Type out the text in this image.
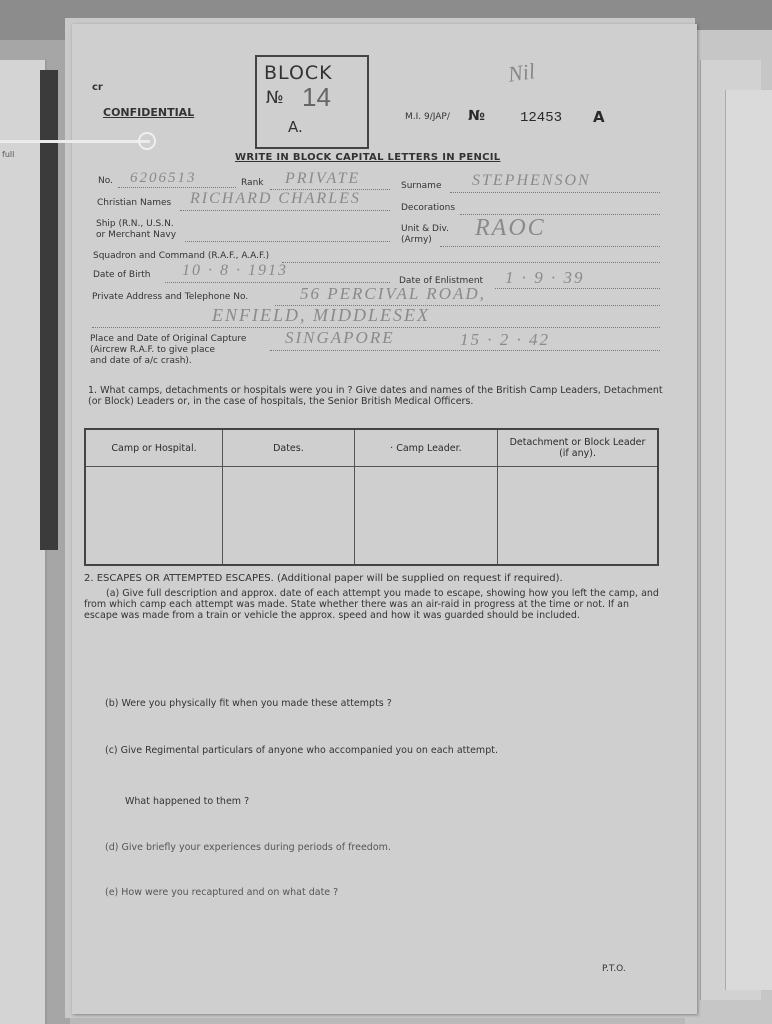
full
cr
CONFIDENTIAL
BLOCK
№ 14
A.
Nil
M.I. 9/JAP/ №	12453 A
WRITE IN BLOCK CAPITAL LETTERS IN PENCIL
No. 6206513	Rank PRIVATE	Surname STEPHENSON
Christian Names RICHARD CHARLES
Decorations
Ship (R.N., U.S.N.
or Merchant Navy
Unit & Div.
(Army) RAOC
Squadron and Command (R.A.F., A.A.F.)
Date of Birth 10 · 8 · 1913
Date of Enlistment 1 · 9 · 39
Private Address and Telephone No.	56 PERCIVAL ROAD,
ENFIELD, MIDDLESEX
Place and Date of Original Capture
(Aircrew R.A.F. to give place
and date of a/c crash).
SINGAPORE	15 · 2 · 42
1. What camps, detachments or hospitals were you in ? Give dates and names of the British Camp Leaders, Detachment (or Block) Leaders or, in the case of hospitals, the Senior British Medical Officers.
Camp or Hospital.	Dates.	· Camp Leader.	Detachment or Block Leader (if any).

2. ESCAPES OR ATTEMPTED ESCAPES. (Additional paper will be supplied on request if required).
(a) Give full description and approx. date of each attempt you made to escape, showing how you left the camp, and from which camp each attempt was made. State whether there was an air-raid in progress at the time or not. If an escape was made from a train or vehicle the approx. speed and how it was guarded should be included.
(b) Were you physically fit when you made these attempts ?
(c) Give Regimental particulars of anyone who accompanied you on each attempt.
What happened to them ?
(d) Give briefly your experiences during periods of freedom.
(e) How were you recaptured and on what date ?
P.T.O.
